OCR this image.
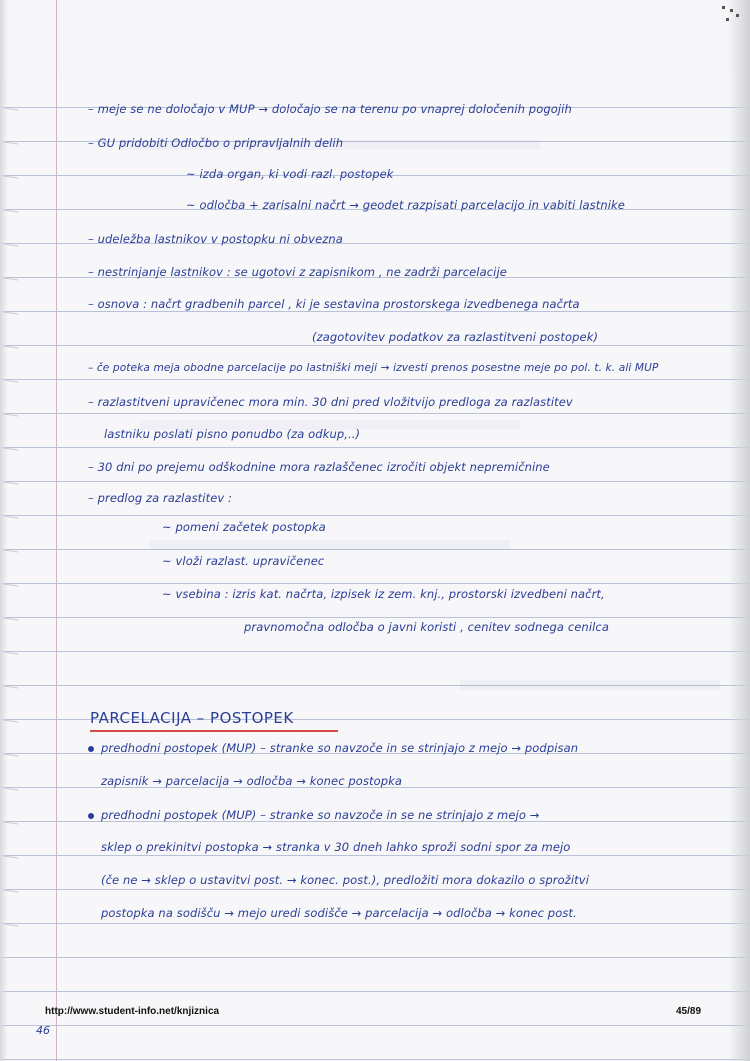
– meje se ne določajo v MUP → določajo se na terenu po vnaprej določenih pogojih
– GU pridobiti Odločbo o pripravljalnih delih
~ izda organ, ki vodi razl. postopek
~ odločba + zarisalni načrt → geodet razpisati parcelacijo in vabiti lastnike
– udeležba lastnikov v postopku ni obvezna
– nestrinjanje lastnikov : se ugotovi z zapisnikom , ne zadrži parcelacije
– osnova : načrt gradbenih parcel , ki je sestavina prostorskega izvedbenega načrta
(zagotovitev podatkov za razlastitveni postopek)
– če poteka meja obodne parcelacije po lastniški meji → izvesti prenos posestne meje po pol. t. k. ali MUP
– razlastitveni upravičenec mora min. 30 dni pred vložitvijo predloga za razlastitev
lastniku poslati pisno ponudbo (za odkup,..)
– 30 dni po prejemu odškodnine mora razlaščenec izročiti objekt nepremičnine
– predlog za razlastitev :
~ pomeni začetek postopka
~ vloži razlast. upravičenec
~ vsebina : izris kat. načrta, izpisek iz zem. knj., prostorski izvedbeni načrt,
pravnomočna odločba o javni koristi , cenitev sodnega cenilca
PARCELACIJA – POSTOPEK
predhodni postopek (MUP) – stranke so navzoče in se strinjajo z mejo → podpisan
zapisnik → parcelacija → odločba → konec postopka
predhodni postopek (MUP) – stranke so navzoče in se ne strinjajo z mejo →
sklep o prekinitvi postopka → stranka v 30 dneh lahko sproži sodni spor za mejo
(če ne → sklep o ustavitvi post. → konec. post.), predložiti mora dokazilo o sprožitvi
postopka na sodišču → mejo uredi sodišče → parcelacija → odločba → konec post.
http://www.student-info.net/knjiznica	45/89
46
